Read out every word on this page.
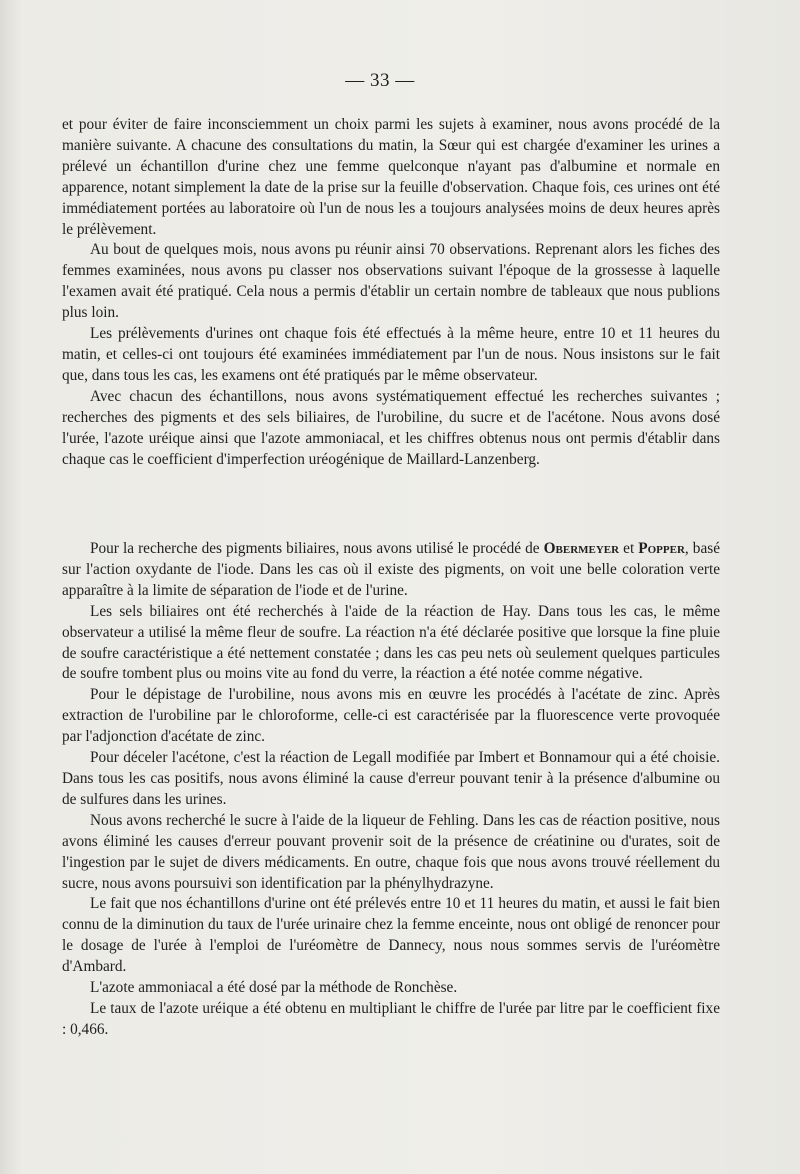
— 33 —

et pour éviter de faire inconsciemment un choix parmi les sujets à examiner, nous avons procédé de la manière suivante. A chacune des consultations du matin, la Sœur qui est chargée d'examiner les urines a prélevé un échantillon d'urine chez une femme quelconque n'ayant pas d'albumine et normale en apparence, notant simplement la date de la prise sur la feuille d'observation. Chaque fois, ces urines ont été immédiatement portées au laboratoire où l'un de nous les a toujours analysées moins de deux heures après le prélèvement.

Au bout de quelques mois, nous avons pu réunir ainsi 70 observations. Reprenant alors les fiches des femmes examinées, nous avons pu classer nos observations suivant l'époque de la grossesse à laquelle l'examen avait été pratiqué. Cela nous a permis d'établir un certain nombre de tableaux que nous publions plus loin.

Les prélèvements d'urines ont chaque fois été effectués à la même heure, entre 10 et 11 heures du matin, et celles-ci ont toujours été examinées immédiatement par l'un de nous. Nous insistons sur le fait que, dans tous les cas, les examens ont été pratiqués par le même observateur.

Avec chacun des échantillons, nous avons systématiquement effectué les recherches suivantes ; recherches des pigments et des sels biliaires, de l'urobiline, du sucre et de l'acétone. Nous avons dosé l'urée, l'azote uréique ainsi que l'azote ammoniacal, et les chiffres obtenus nous ont permis d'établir dans chaque cas le coefficient d'imperfection uréogénique de Maillard-Lanzenberg.

Pour la recherche des pigments biliaires, nous avons utilisé le procédé de Obermeyer et Popper, basé sur l'action oxydante de l'iode. Dans les cas où il existe des pigments, on voit une belle coloration verte apparaître à la limite de séparation de l'iode et de l'urine.

Les sels biliaires ont été recherchés à l'aide de la réaction de Hay. Dans tous les cas, le même observateur a utilisé la même fleur de soufre. La réaction n'a été déclarée positive que lorsque la fine pluie de soufre caractéristique a été nettement constatée ; dans les cas peu nets où seulement quelques particules de soufre tombent plus ou moins vite au fond du verre, la réaction a été notée comme négative.

Pour le dépistage de l'urobiline, nous avons mis en œuvre les procédés à l'acétate de zinc. Après extraction de l'urobiline par le chloroforme, celle-ci est caractérisée par la fluorescence verte provoquée par l'adjonction d'acétate de zinc.

Pour déceler l'acétone, c'est la réaction de Legall modifiée par Imbert et Bonnamour qui a été choisie. Dans tous les cas positifs, nous avons éliminé la cause d'erreur pouvant tenir à la présence d'albumine ou de sulfures dans les urines.

Nous avons recherché le sucre à l'aide de la liqueur de Fehling. Dans les cas de réaction positive, nous avons éliminé les causes d'erreur pouvant provenir soit de la présence de créatinine ou d'urates, soit de l'ingestion par le sujet de divers médicaments. En outre, chaque fois que nous avons trouvé réellement du sucre, nous avons poursuivi son identification par la phénylhydrazyne.

Le fait que nos échantillons d'urine ont été prélevés entre 10 et 11 heures du matin, et aussi le fait bien connu de la diminution du taux de l'urée urinaire chez la femme enceinte, nous ont obligé de renoncer pour le dosage de l'urée à l'emploi de l'uréomètre de Dannecy, nous nous sommes servis de l'uréomètre d'Ambard.

L'azote ammoniacal a été dosé par la méthode de Ronchèse.

Le taux de l'azote uréique a été obtenu en multipliant le chiffre de l'urée par litre par le coefficient fixe : 0,466.
